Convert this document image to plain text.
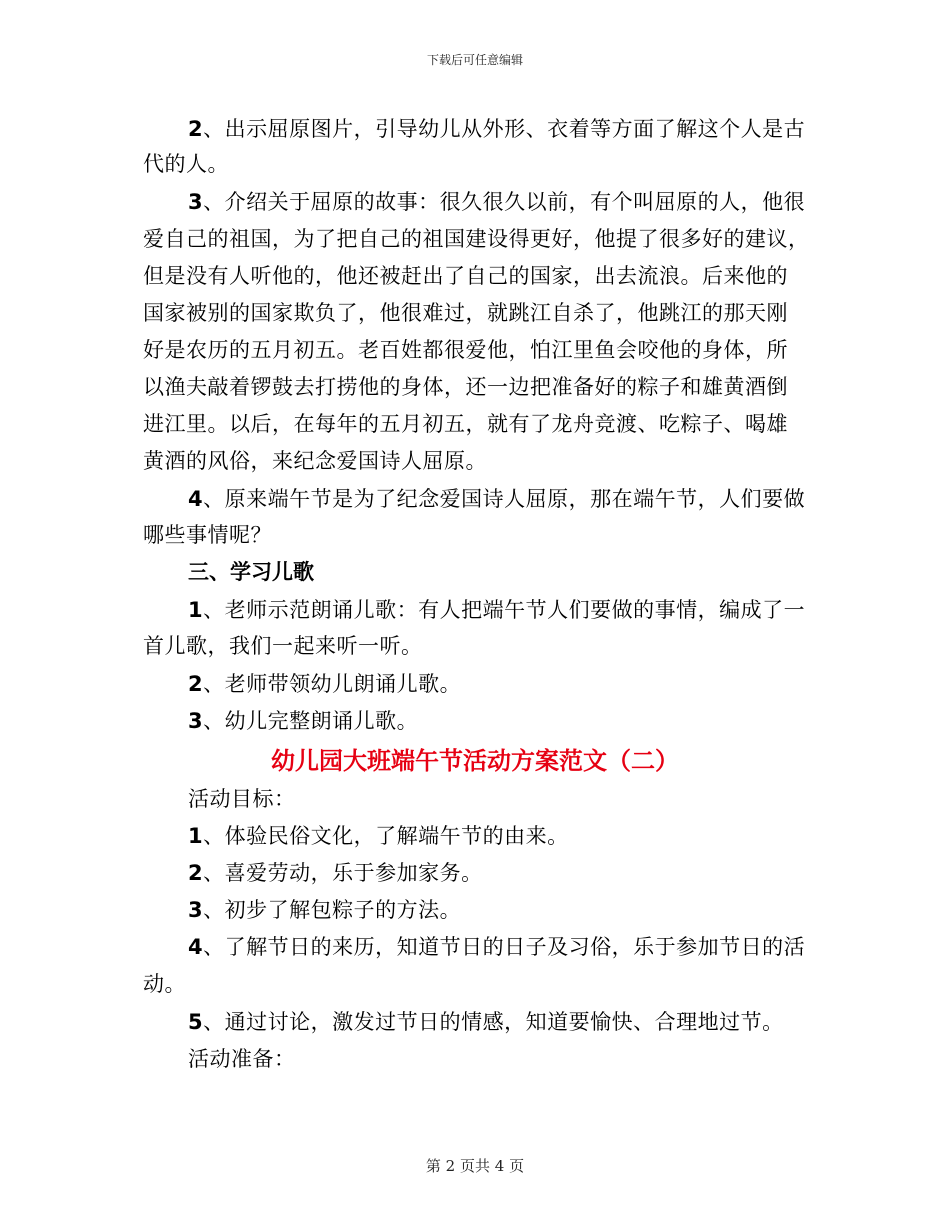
下载后可任意编辑
2、出示屈原图片，引导幼儿从外形、衣着等方面了解这个人是古
代的人。
3、介绍关于屈原的故事：很久很久以前，有个叫屈原的人，他很
爱自己的祖国，为了把自己的祖国建设得更好，他提了很多好的建议，
但是没有人听他的，他还被赶出了自己的国家，出去流浪。后来他的
国家被别的国家欺负了，他很难过，就跳江自杀了，他跳江的那天刚
好是农历的五月初五。老百姓都很爱他，怕江里鱼会咬他的身体，所
以渔夫敲着锣鼓去打捞他的身体，还一边把准备好的粽子和雄黄酒倒
进江里。以后，在每年的五月初五，就有了龙舟竞渡、吃粽子、喝雄
黄酒的风俗，来纪念爱国诗人屈原。
4、原来端午节是为了纪念爱国诗人屈原，那在端午节，人们要做
哪些事情呢？
三、学习儿歌
1、老师示范朗诵儿歌：有人把端午节人们要做的事情，编成了一
首儿歌，我们一起来听一听。
2、老师带领幼儿朗诵儿歌。
3、幼儿完整朗诵儿歌。
幼儿园大班端午节活动方案范文（二）
活动目标：
1、体验民俗文化，了解端午节的由来。
2、喜爱劳动，乐于参加家务。
3、初步了解包粽子的方法。
4、了解节日的来历，知道节日的日子及习俗，乐于参加节日的活
动。
5、通过讨论，激发过节日的情感，知道要愉快、合理地过节。
活动准备：
第 2 页共 4 页
